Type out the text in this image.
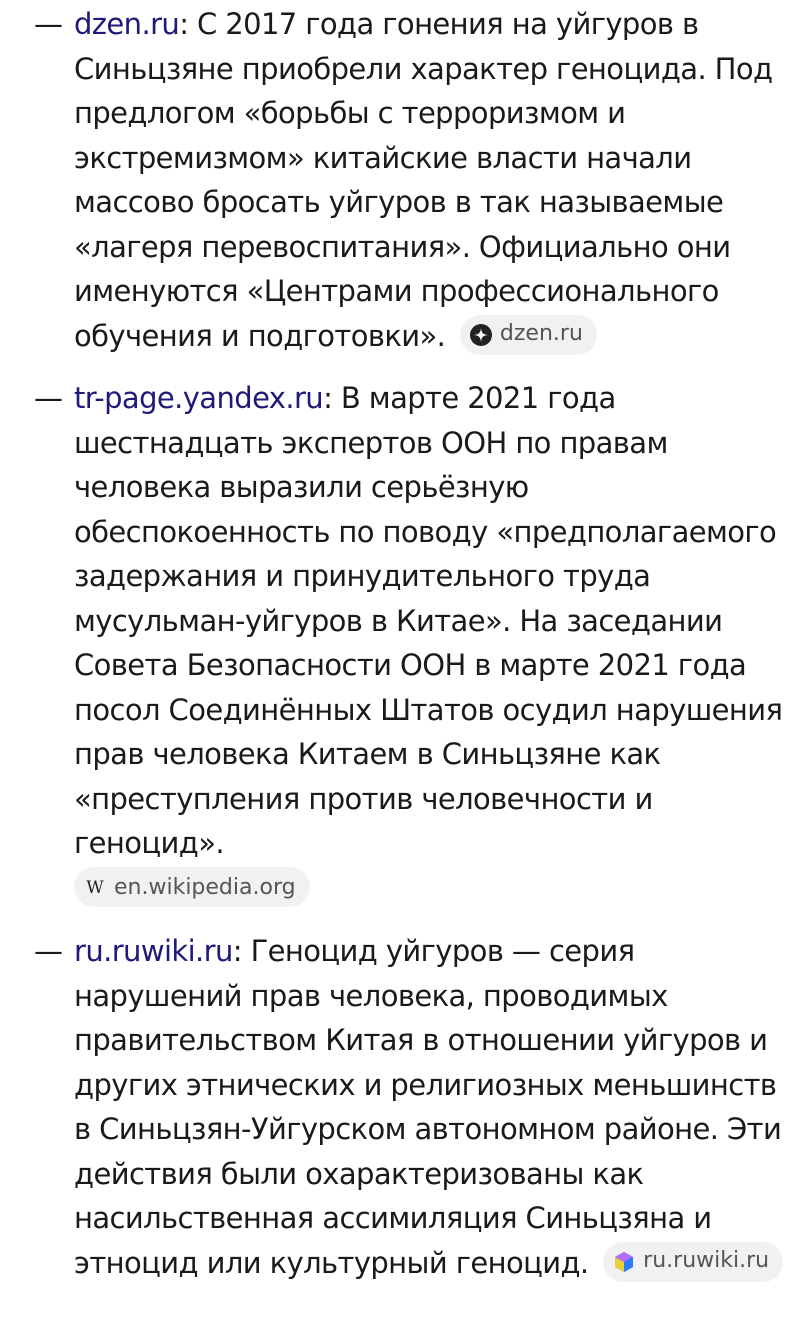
— dzen.ru: С 2017 года гонения на уйгуров в Синьцзяне приобрели характер геноцида. Под предлогом «борьбы с терроризмом и экстремизмом» китайские власти начали массово бросать уйгуров в так называемые «лагеря перевоспитания». Официально они именуются «Центрами профессионального обучения и подготовки». dzen.ru
— tr-page.yandex.ru: В марте 2021 года шестнадцать экспертов ООН по правам человека выразили серьёзную обеспокоенность по поводу «предполагаемого задержания и принудительного труда мусульман-уйгуров в Китае». На заседании Совета Безопасности ООН в марте 2021 года посол Соединённых Штатов осудил нарушения прав человека Китаем в Синьцзяне как «преступления против человечности и геноцид».
W en.wikipedia.org
— ru.ruwiki.ru: Геноцид уйгуров — серия нарушений прав человека, проводимых правительством Китая в отношении уйгуров и других этнических и религиозных меньшинств в Синьцзян-Уйгурском автономном районе. Эти действия были охарактеризованы как насильственная ассимиляция Синьцзяна и этноцид или культурный геноцид. ru.ruwiki.ru
